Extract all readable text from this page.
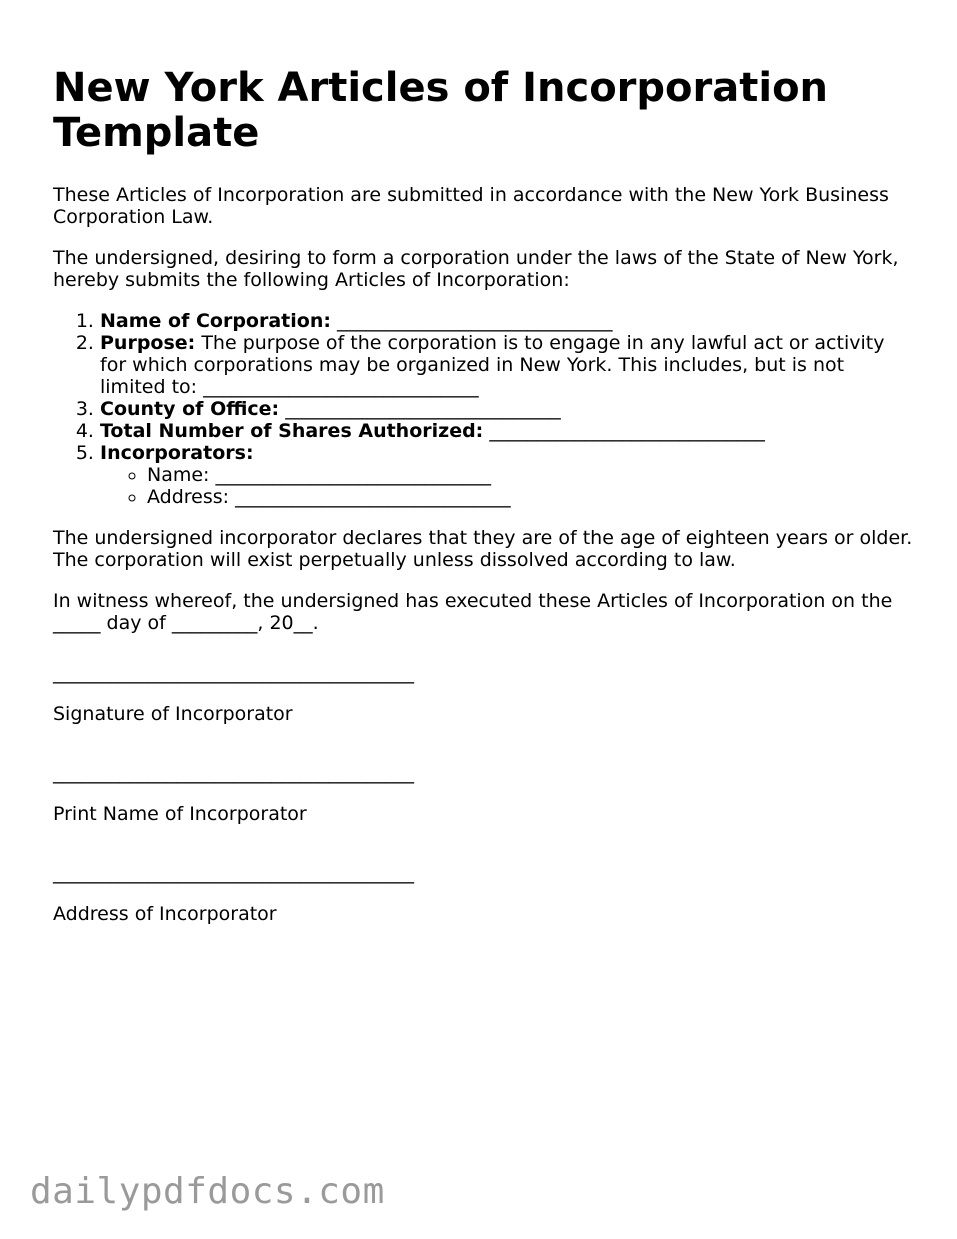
New York Articles of Incorporation Template

These Articles of Incorporation are submitted in accordance with the New York Business Corporation Law.

The undersigned, desiring to form a corporation under the laws of the State of New York, hereby submits the following Articles of Incorporation:

1. Name of Corporation: _____________________________
2. Purpose: The purpose of the corporation is to engage in any lawful act or activity for which corporations may be organized in New York. This includes, but is not limited to: _____________________________
3. County of Office: _____________________________
4. Total Number of Shares Authorized: _____________________________
5. Incorporators:
◦ Name: _____________________________
◦ Address: _____________________________

The undersigned incorporator declares that they are of the age of eighteen years or older. The corporation will exist perpetually unless dissolved according to law.

In witness whereof, the undersigned has executed these Articles of Incorporation on the _____ day of _________, 20__.

______________________________________
Signature of Incorporator
______________________________________
Print Name of Incorporator
______________________________________
Address of Incorporator
dailypdfdocs.com
